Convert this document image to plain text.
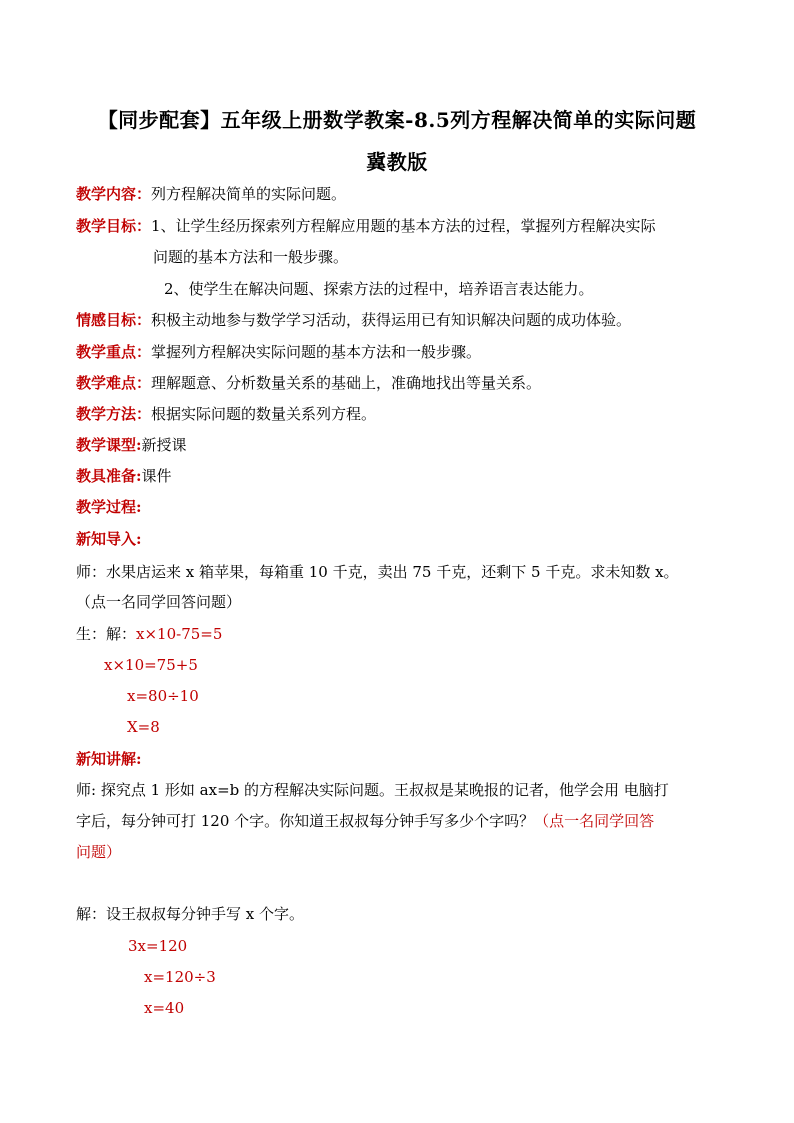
【同步配套】五年级上册数学教案-8.5列方程解决简单的实际问题
冀教版
教学内容：列方程解决简单的实际问题。
教学目标：1、让学生经历探索列方程解应用题的基本方法的过程，掌握列方程解决实际
问题的基本方法和一般步骤。
2、使学生在解决问题、探索方法的过程中，培养语言表达能力。
情感目标：积极主动地参与数学学习活动，获得运用已有知识解决问题的成功体验。
教学重点：掌握列方程解决实际问题的基本方法和一般步骤。
教学难点：理解题意、分析数量关系的基础上，准确地找出等量关系。
教学方法：根据实际问题的数量关系列方程。
教学课型:新授课
教具准备:课件
教学过程:
新知导入:
师：水果店运来 x 箱苹果，每箱重 10 千克，卖出 75 千克，还剩下 5 千克。求未知数 x。
（点一名同学回答问题）
生：解：x×10-75=5
x×10=75+5
x=80÷10
X=8
新知讲解:
师: 探究点 1 形如 ax=b 的方程解决实际问题。王叔叔是某晚报的记者，他学会用 电脑打
字后，每分钟可打 120 个字。你知道王叔叔每分钟手写多少个字吗？（点一名同学回答
问题）
解：设王叔叔每分钟手写 x 个字。
3x=120
x=120÷3
x=40
